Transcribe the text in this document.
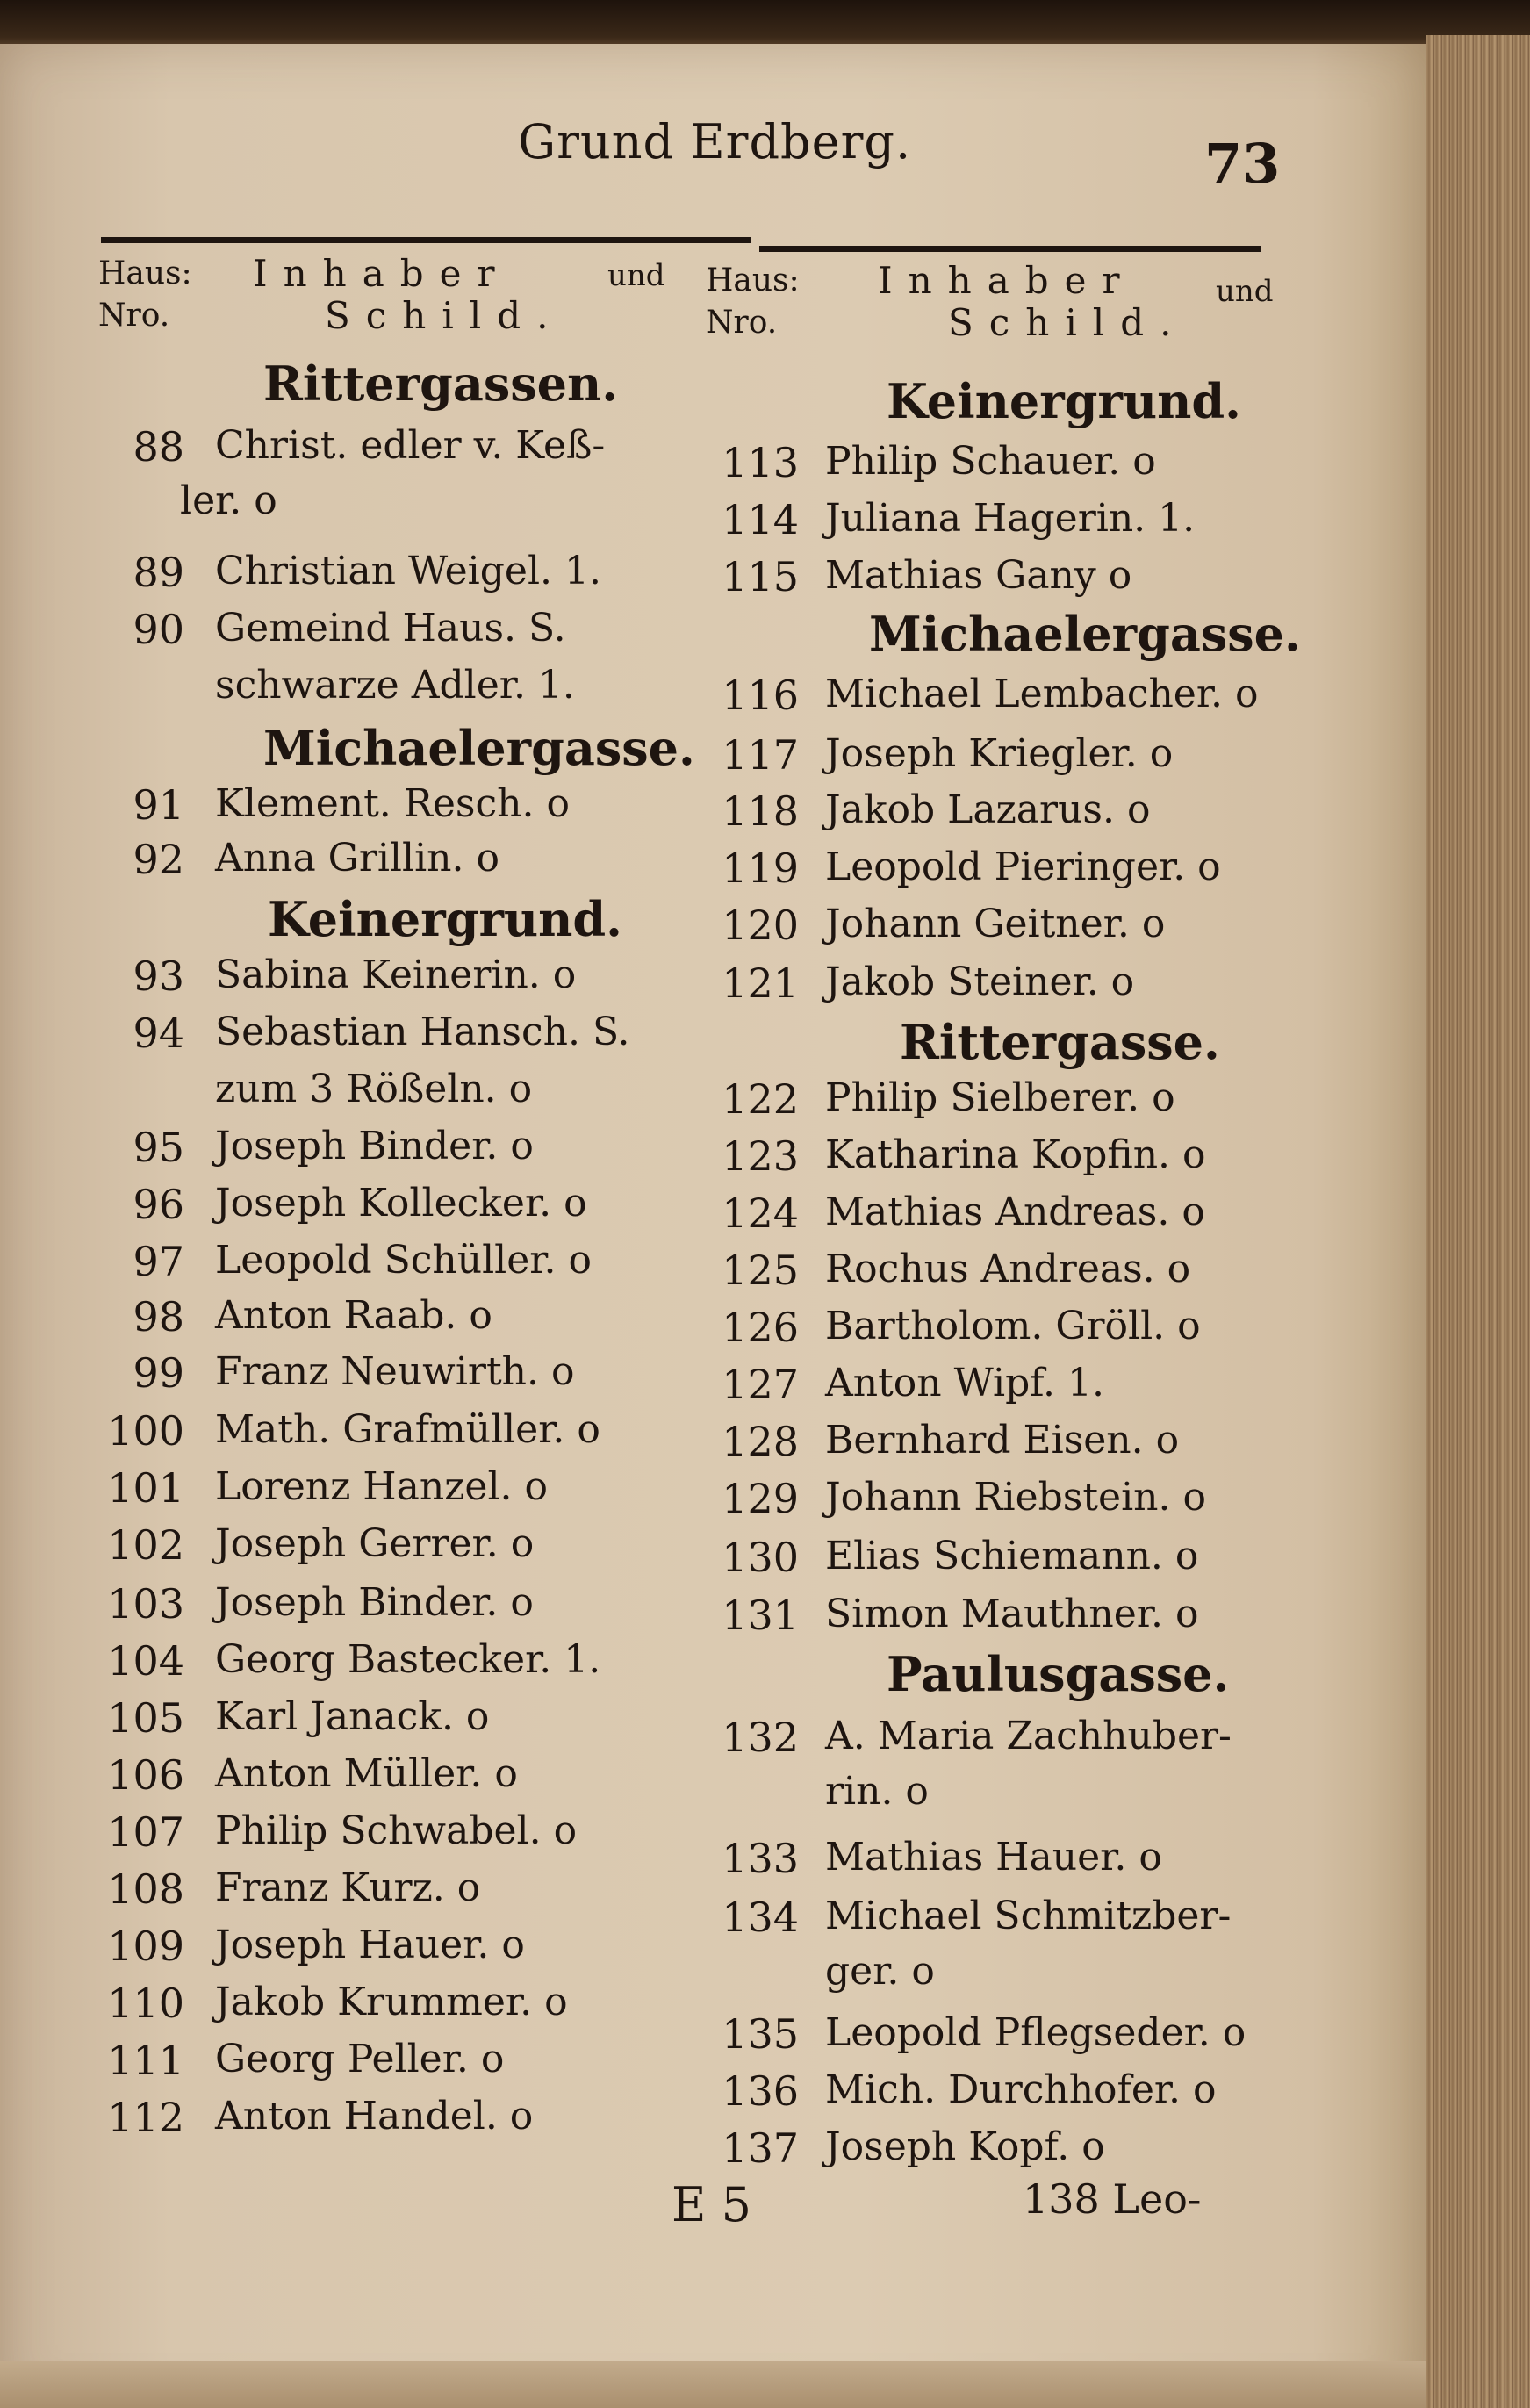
Grund Erdberg.	73
Haus:
Nro.
Inhaber	und
Schild.
Haus:
Nro.
Inhaber	und
Schild.
Rittergassen.
88 Christ. edler v. Keß-
ler. o
89 Christian Weigel. 1.
90 Gemeind Haus. S.
schwarze Adler. 1.
Michaelergasse.
91 Klement. Resch. o
92 Anna Grillin. o
Keinergrund.
93 Sabina Keinerin. o
94 Sebastian Hansch. S.
zum 3 Rößeln. o
95 Joseph Binder. o
96 Joseph Kollecker. o
97 Leopold Schüller. o
98 Anton Raab. o
99 Franz Neuwirth. o
100 Math. Grafmüller. o
101 Lorenz Hanzel. o
102 Joseph Gerrer. o
103 Joseph Binder. o
104 Georg Bastecker. 1.
105 Karl Janack. o
106 Anton Müller. o
107 Philip Schwabel. o
108 Franz Kurz. o
109 Joseph Hauer. o
110 Jakob Krummer. o
111 Georg Peller. o
112 Anton Handel. o
Keinergrund.
113 Philip Schauer. o
114 Juliana Hagerin. 1.
115 Mathias Gany o
Michaelergasse.
116 Michael Lembacher. o
117 Joseph Kriegler. o
118 Jakob Lazarus. o
119 Leopold Pieringer. o
120 Johann Geitner. o
121 Jakob Steiner. o
Rittergasse.
122 Philip Sielberer. o
123 Katharina Kopfin. o
124 Mathias Andreas. o
125 Rochus Andreas. o
126 Bartholom. Gröll. o
127 Anton Wipf. 1.
128 Bernhard Eisen. o
129 Johann Riebstein. o
130 Elias Schiemann. o
131 Simon Mauthner. o
Paulusgasse.
132 A. Maria Zachhuber-
rin. o
133 Mathias Hauer. o
134 Michael Schmitzber-
ger. o
135 Leopold Pflegseder. o
136 Mich. Durchhofer. o
137 Joseph Kopf. o
E 5	138 Leo-
